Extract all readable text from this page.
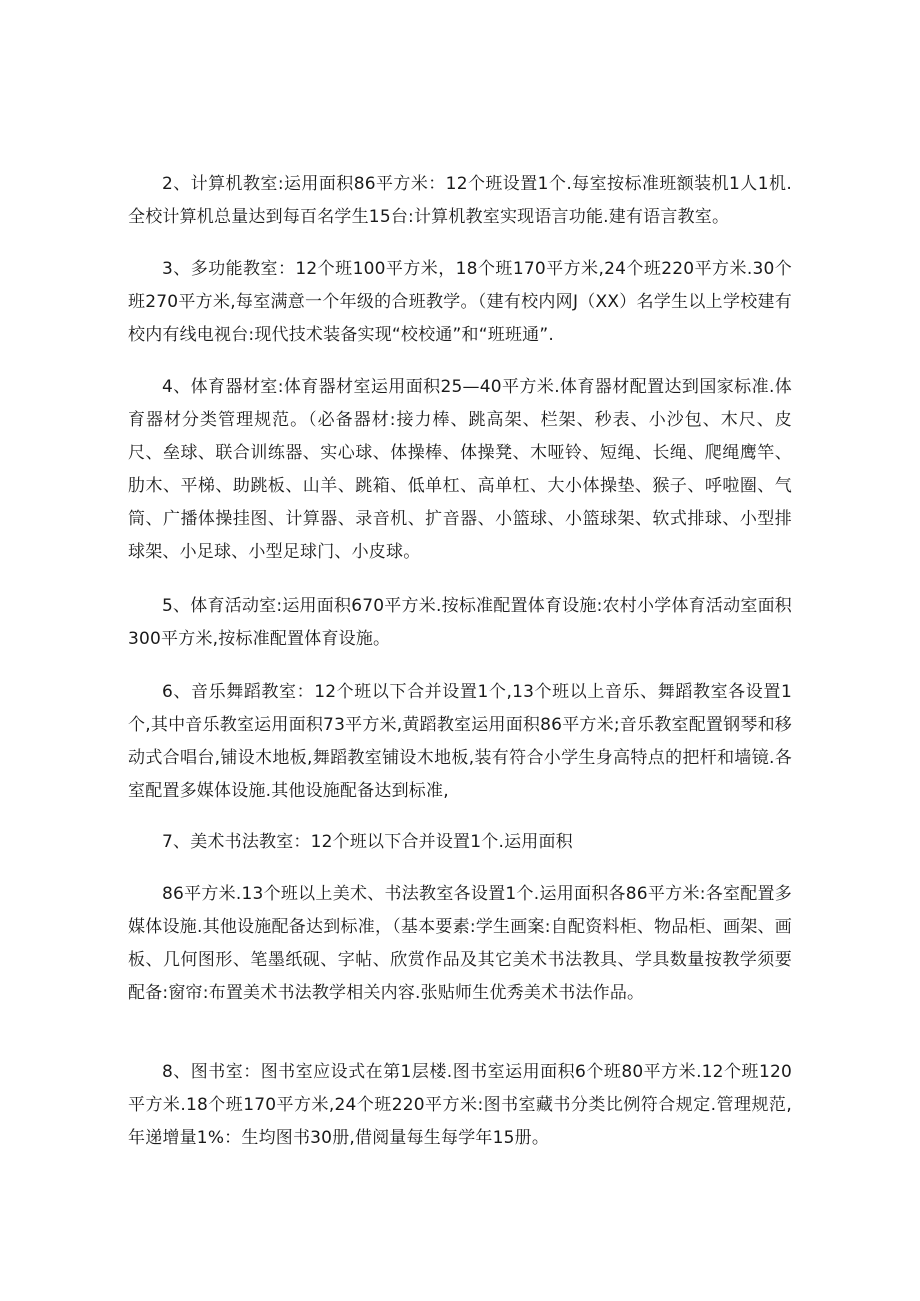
2、计算机教室:运用面积86平方米：12个班设置1个.每室按标准班额装机1人1机.全校计算机总量达到每百名学生15台:计算机教室实现语言功能.建有语言教室。

3、多功能教室：12个班100平方米，18个班170平方米,24个班220平方米.30个班270平方米,每室满意一个年级的合班教学。（建有校内网J（XX）名学生以上学校建有校内有线电视台:现代技术装备实现“校校通”和“班班通”.

4、体育器材室:体育器材室运用面积25—40平方米.体育器材配置达到国家标准.体育器材分类管理规范。（必备器材:接力棒、跳高架、栏架、秒表、小沙包、木尺、皮尺、垒球、联合训练器、实心球、体操棒、体操凳、木哑铃、短绳、长绳、爬绳鹰竿、肋木、平梯、助跳板、山羊、跳箱、低单杠、高单杠、大小体操垫、猴子、呼啦圈、气筒、广播体操挂图、计算器、录音机、扩音器、小篮球、小篮球架、软式排球、小型排球架、小足球、小型足球门、小皮球。

5、体育活动室:运用面积670平方米.按标准配置体育设施:农村小学体育活动室面积300平方米,按标准配置体育设施。

6、音乐舞蹈教室：12个班以下合并设置1个,13个班以上音乐、舞蹈教室各设置1个,其中音乐教室运用面积73平方米,黄蹈教室运用面积86平方米;音乐教室配置钢琴和移动式合唱台,铺设木地板,舞蹈教室铺设木地板,装有符合小学生身高特点的把杆和墙镜.各室配置多媒体设施.其他设施配备达到标准,

7、美术书法教室：12个班以下合并设置1个.运用面积

86平方米.13个班以上美术、书法教室各设置1个.运用面积各86平方米:各室配置多媒体设施.其他设施配备达到标准，（基本要素:学生画案:自配资料柜、物品柜、画架、画板、几何图形、笔墨纸砚、字帖、欣赏作品及其它美术书法教具、学具数量按教学须要配备:窗帘:布置美术书法教学相关内容.张贴师生优秀美术书法作品。

8、图书室：图书室应设式在第1层楼.图书室运用面积6个班80平方米.12个班120平方米.18个班170平方米,24个班220平方米:图书室藏书分类比例符合规定.管理规范,年递增量1%：生均图书30册,借阅量每生每学年15册。
